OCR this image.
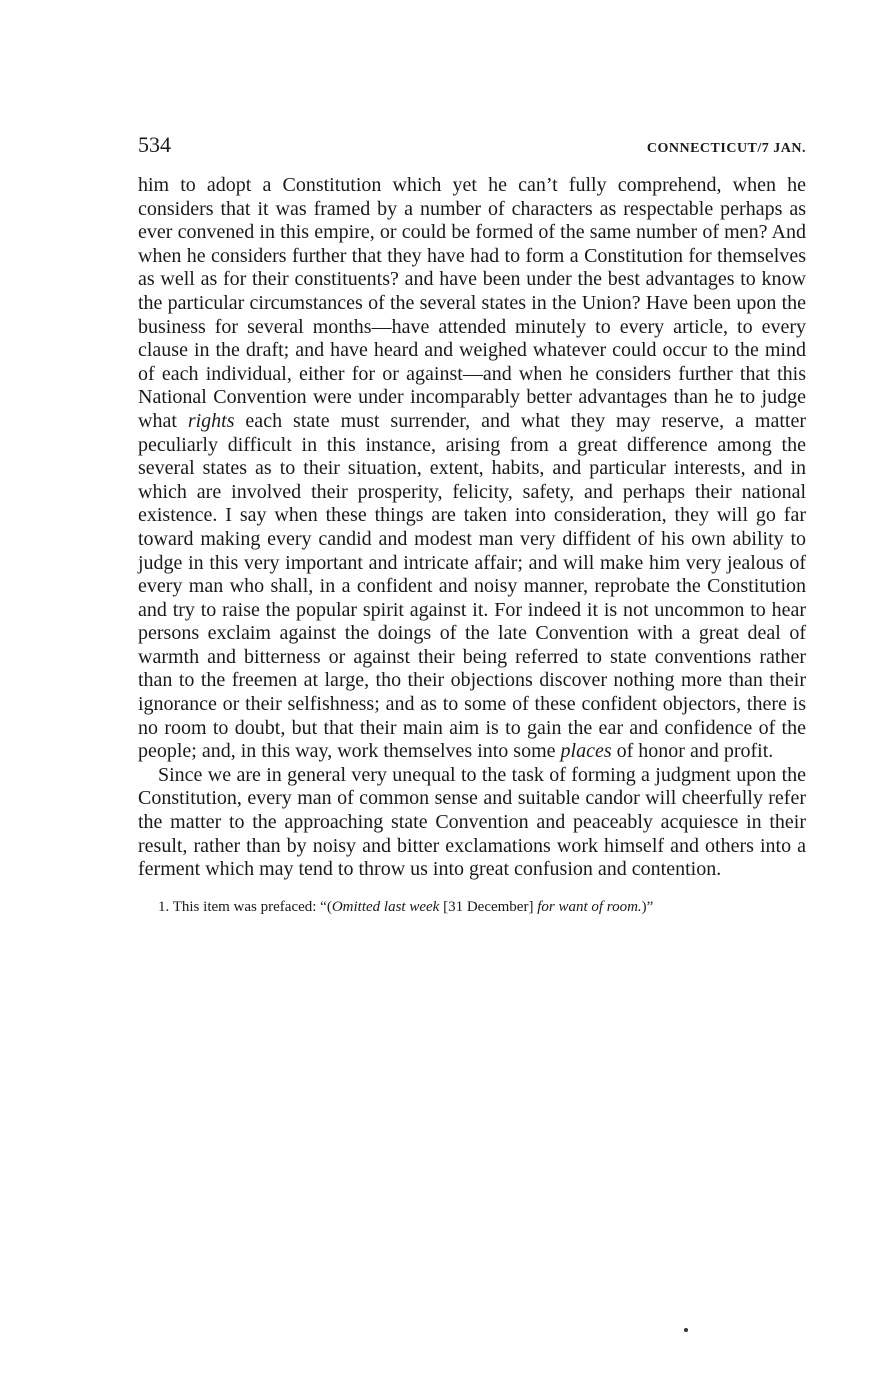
534	CONNECTICUT/7 JAN.

him to adopt a Constitution which yet he can’t fully comprehend, when he considers that it was framed by a number of characters as respectable perhaps as ever convened in this empire, or could be formed of the same number of men? And when he considers further that they have had to form a Constitution for themselves as well as for their constituents? and have been under the best advantages to know the particular circumstances of the several states in the Union? Have been upon the business for several months—have attended minutely to every article, to every clause in the draft; and have heard and weighed whatever could occur to the mind of each individual, either for or against—and when he considers further that this National Convention were under incomparably better advantages than he to judge what rights each state must surrender, and what they may reserve, a matter peculiarly difficult in this instance, arising from a great difference among the several states as to their situation, extent, habits, and particular interests, and in which are involved their prosperity, felicity, safety, and perhaps their national existence. I say when these things are taken into consideration, they will go far toward making every candid and modest man very diffident of his own ability to judge in this very important and intricate affair; and will make him very jealous of every man who shall, in a confident and noisy manner, reprobate the Constitution and try to raise the popular spirit against it. For indeed it is not uncommon to hear persons exclaim against the doings of the late Convention with a great deal of warmth and bitterness or against their being referred to state conventions rather than to the freemen at large, tho their objections discover nothing more than their ignorance or their selfishness; and as to some of these confident objectors, there is no room to doubt, but that their main aim is to gain the ear and confidence of the people; and, in this way, work themselves into some places of honor and profit.

Since we are in general very unequal to the task of forming a judgment upon the Constitution, every man of common sense and suitable candor will cheerfully refer the matter to the approaching state Convention and peaceably acquiesce in their result, rather than by noisy and bitter exclamations work himself and others into a ferment which may tend to throw us into great confusion and contention.

1. This item was prefaced: “(Omitted last week [31 December] for want of room.)”
